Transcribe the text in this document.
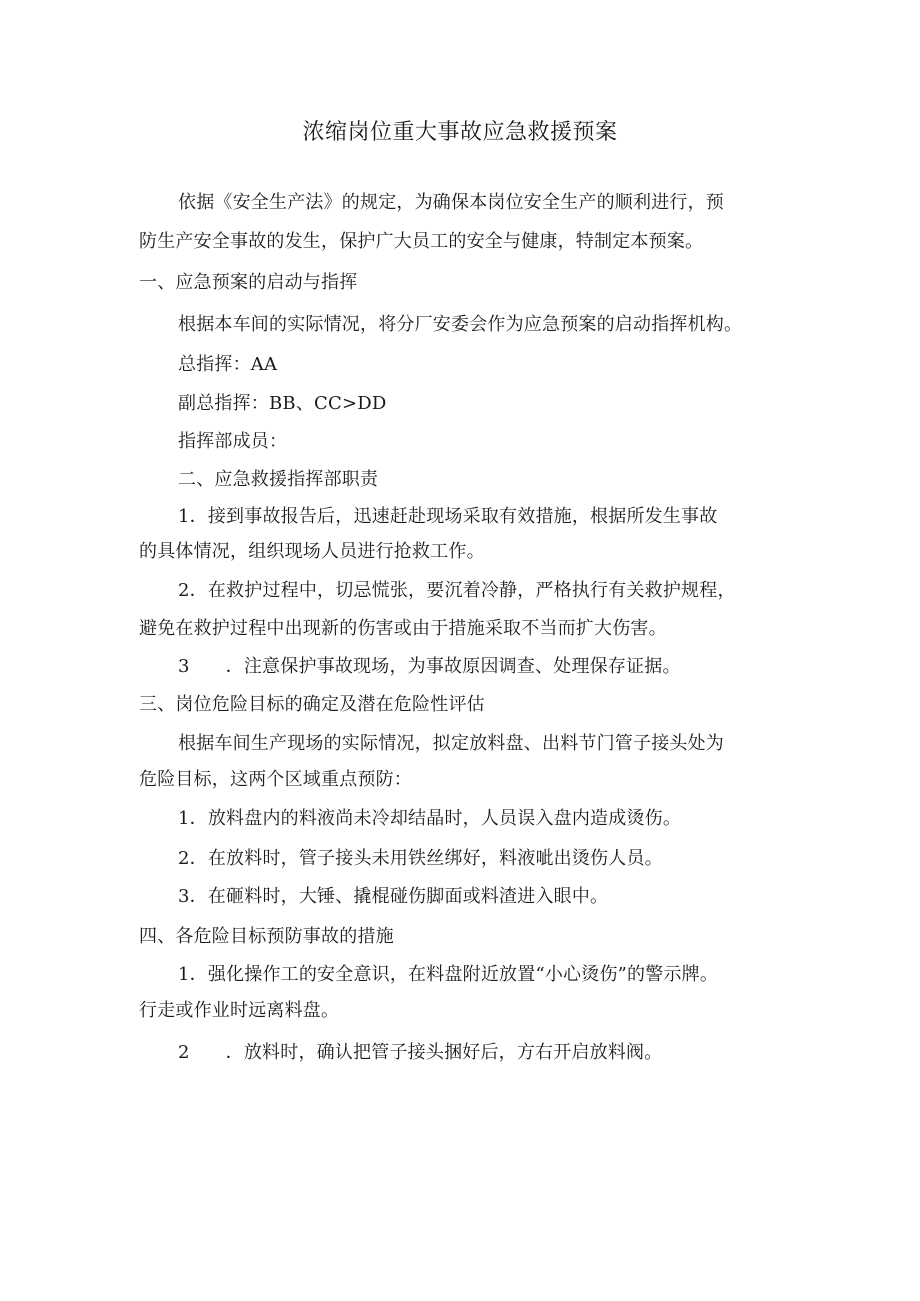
浓缩岗位重大事故应急救援预案
依据《安全生产法》的规定，为确保本岗位安全生产的顺利进行，预
防生产安全事故的发生，保护广大员工的安全与健康，特制定本预案。
一、应急预案的启动与指挥
根据本车间的实际情况，将分厂安委会作为应急预案的启动指挥机构。
总指挥：AA
副总指挥：BB、CC>DD
指挥部成员：
二、应急救援指挥部职责
1．接到事故报告后，迅速赶赴现场采取有效措施，根据所发生事故
的具体情况，组织现场人员进行抢救工作。
2．在救护过程中，切忌慌张，要沉着冷静，严格执行有关救护规程，
避免在救护过程中出现新的伤害或由于措施采取不当而扩大伤害。
3 ．注意保护事故现场，为事故原因调查、处理保存证据。
三、岗位危险目标的确定及潜在危险性评估
根据车间生产现场的实际情况，拟定放料盘、出料节门管子接头处为
危险目标，这两个区域重点预防：
1．放料盘内的料液尚未冷却结晶时，人员误入盘内造成烫伤。
2．在放料时，管子接头未用铁丝绑好，料液呲出烫伤人员。
3．在砸料时，大锤、撬棍碰伤脚面或料渣进入眼中。
四、各危险目标预防事故的措施
1．强化操作工的安全意识，在料盘附近放置“小心烫伤”的警示牌。
行走或作业时远离料盘。
2 ．放料时，确认把管子接头捆好后，方右开启放料阀。
